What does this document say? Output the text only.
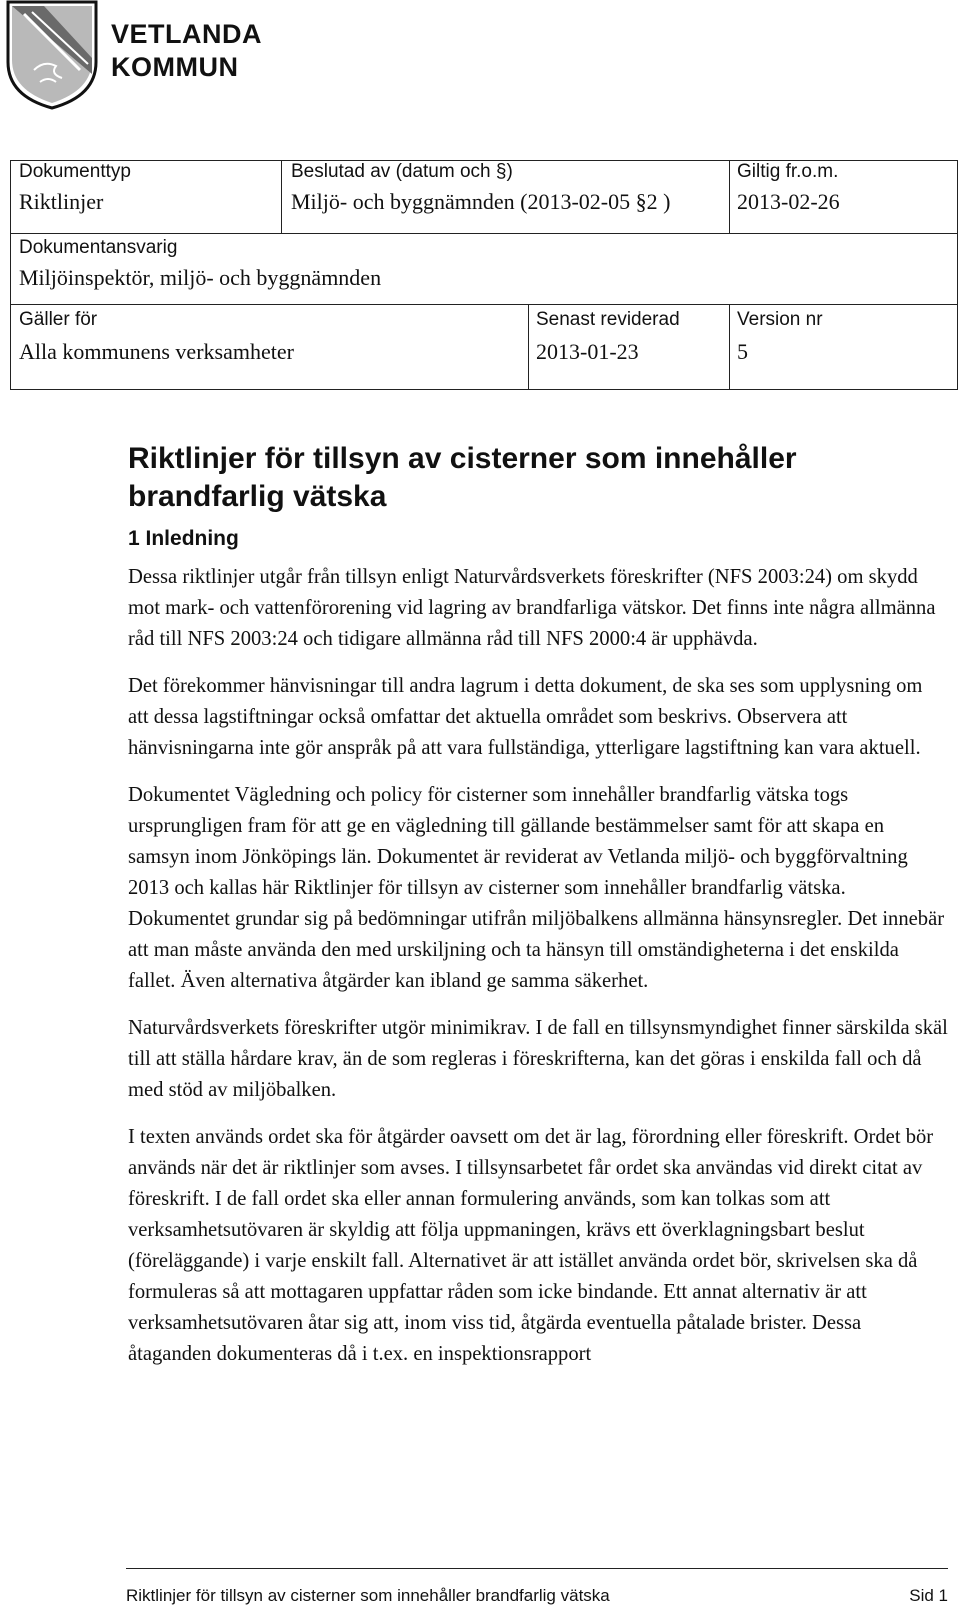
VETLANDA
KOMMUN
Dokumenttyp
Riktlinjer
Beslutad av (datum och §)
Miljö- och byggnämnden (2013-02-05 §2 )
Giltig fr.o.m.
2013-02-26
Dokumentansvarig
Miljöinspektör, miljö- och byggnämnden
Gäller för
Alla kommunens verksamheter
Senast reviderad
2013-01-23
Version nr
5
Riktlinjer för tillsyn av cisterner som innehåller brandfarlig vätska
1 Inledning

Dessa riktlinjer utgår från tillsyn enligt Naturvårdsverkets föreskrifter (NFS 2003:24) om skydd mot mark- och vattenförorening vid lagring av brandfarliga vätskor. Det finns inte några allmänna råd till NFS 2003:24 och tidigare allmänna råd till NFS 2000:4 är upphävda.

Det förekommer hänvisningar till andra lagrum i detta dokument, de ska ses som upplysning om att dessa lagstiftningar också omfattar det aktuella området som beskrivs. Observera att hänvisningarna inte gör anspråk på att vara fullständiga, ytterligare lagstiftning kan vara aktuell.

Dokumentet Vägledning och policy för cisterner som innehåller brandfarlig vätska togs ursprungligen fram för att ge en vägledning till gällande bestämmelser samt för att skapa en samsyn inom Jönköpings län. Dokumentet är reviderat av Vetlanda miljö- och byggförvaltning 2013 och kallas här Riktlinjer för tillsyn av cisterner som innehåller brandfarlig vätska. Dokumentet grundar sig på bedömningar utifrån miljöbalkens allmänna hänsynsregler. Det innebär att man måste använda den med urskiljning och ta hänsyn till omständigheterna i det enskilda fallet. Även alternativa åtgärder kan ibland ge samma säkerhet.

Naturvårdsverkets föreskrifter utgör minimikrav. I de fall en tillsynsmyndighet finner särskilda skäl till att ställa hårdare krav, än de som regleras i föreskrifterna, kan det göras i enskilda fall och då med stöd av miljöbalken.

I texten används ordet ska för åtgärder oavsett om det är lag, förordning eller föreskrift. Ordet bör används när det är riktlinjer som avses. I tillsynsarbetet får ordet ska användas vid direkt citat av föreskrift. I de fall ordet ska eller annan formulering används, som kan tolkas som att verksamhetsutövaren är skyldig att följa uppmaningen, krävs ett överklagningsbart beslut (föreläggande) i varje enskilt fall. Alternativet är att istället använda ordet bör, skrivelsen ska då formuleras så att mottagaren uppfattar råden som icke bindande. Ett annat alternativ är att verksamhetsutövaren åtar sig att, inom viss tid, åtgärda eventuella påtalade brister. Dessa åtaganden dokumenteras då i t.ex. en inspektionsrapport

Riktlinjer för tillsyn av cisterner som innehåller brandfarlig vätska	Sid 1
